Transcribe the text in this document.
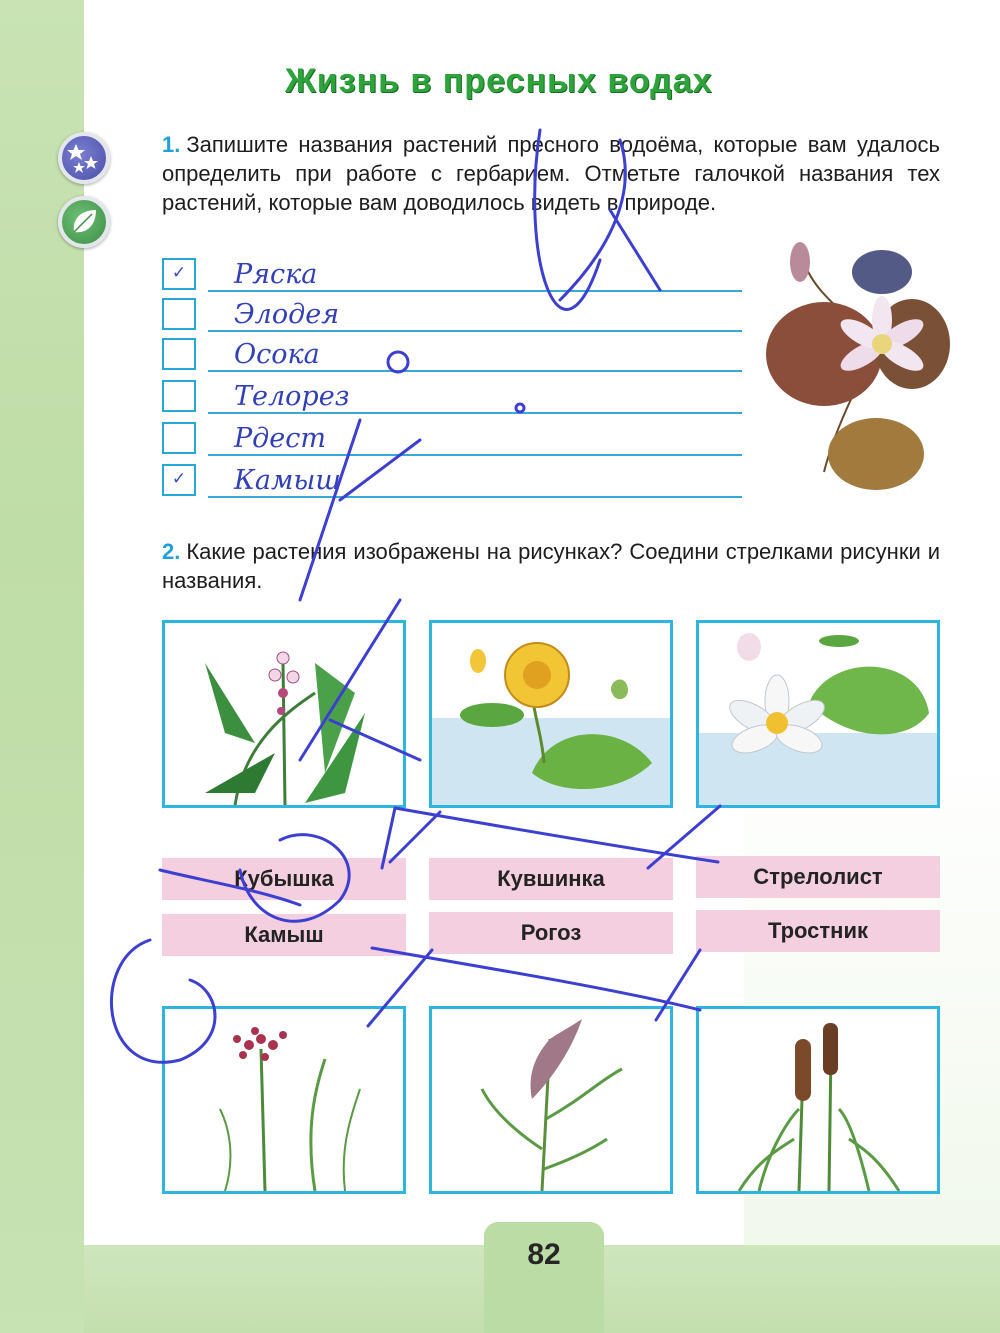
Жизнь в пресных водах
1. Запишите названия растений пресного водоёма, которые вам удалось определить при работе с гербарием. Отметьте галочкой названия тех растений, которые вам доводилось видеть в природе.
✓	Ряска
Элодея
Осока
Телорез
Рдест
✓	Камыш
2. Какие растения изображены на рисунках? Соедини стрелками рисунки и названия.
Кубышка	Кувшинка	Стрелолист
Камыш	Рогоз	Тростник
82
